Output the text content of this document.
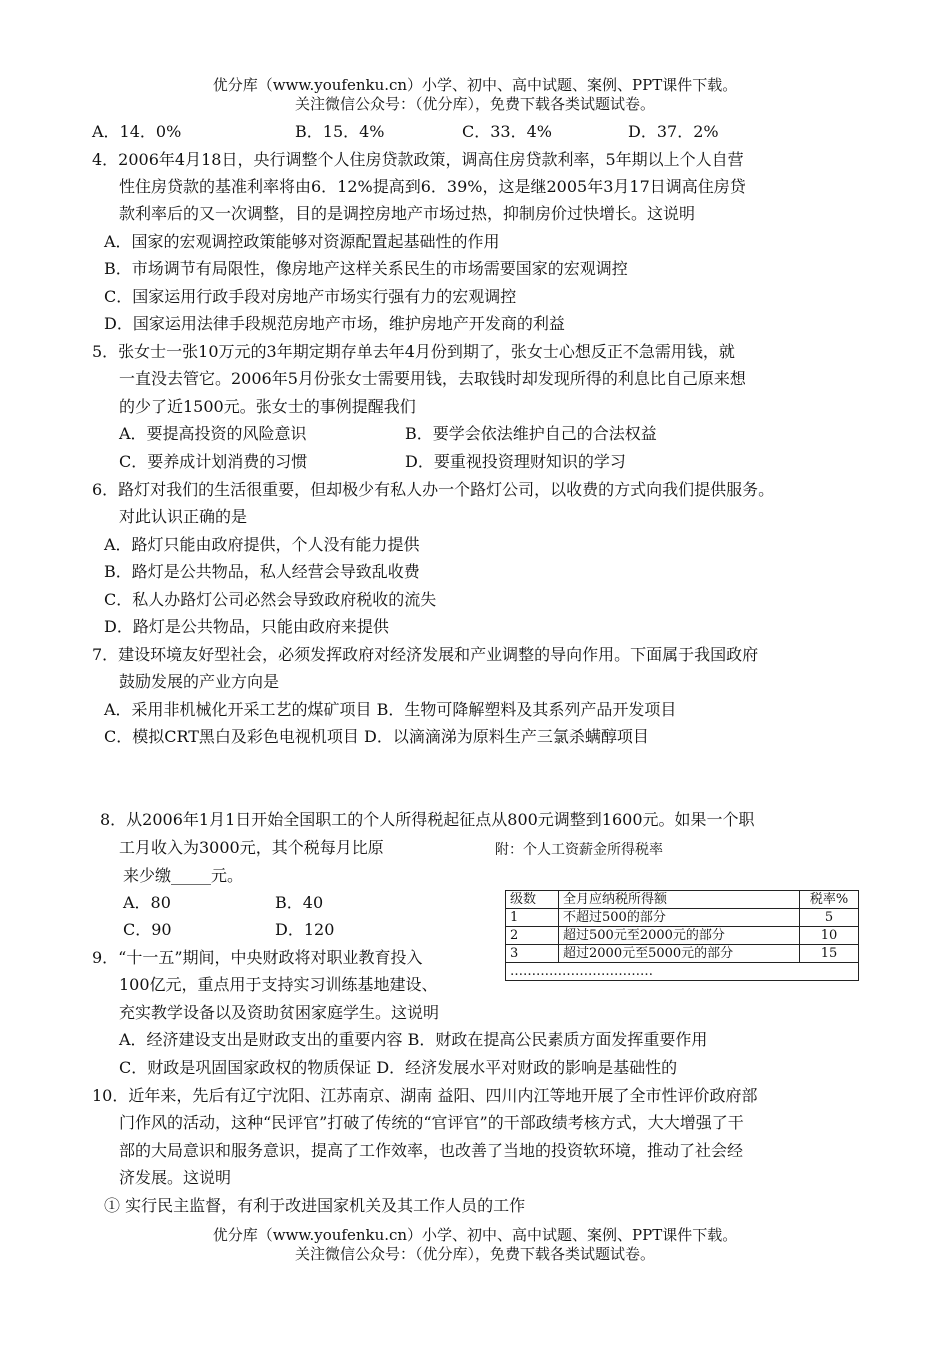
优分库（www.youfenku.cn）小学、初中、高中试题、案例、PPT课件下载。
关注微信公众号：（优分库），免费下载各类试题试卷。
A．14．0%	B．15．4%	C．33．4%	D．37．2%
4．2006年4月18日，央行调整个人住房贷款政策，调高住房贷款利率，5年期以上个人自营
性住房贷款的基准利率将由6．12%提高到6．39%，这是继2005年3月17日调高住房贷
款利率后的又一次调整，目的是调控房地产市场过热，抑制房价过快增长。这说明
A．国家的宏观调控政策能够对资源配置起基础性的作用
B．市场调节有局限性，像房地产这样关系民生的市场需要国家的宏观调控
C．国家运用行政手段对房地产市场实行强有力的宏观调控
D．国家运用法律手段规范房地产市场，维护房地产开发商的利益
5．张女士一张10万元的3年期定期存单去年4月份到期了，张女士心想反正不急需用钱，就
一直没去管它。2006年5月份张女士需要用钱，去取钱时却发现所得的利息比自己原来想
的少了近1500元。张女士的事例提醒我们
A．要提高投资的风险意识	B．要学会依法维护自己的合法权益
C．要养成计划消费的习惯	D．要重视投资理财知识的学习
6．路灯对我们的生活很重要，但却极少有私人办一个路灯公司，以收费的方式向我们提供服务。
对此认识正确的是
A．路灯只能由政府提供，个人没有能力提供
B．路灯是公共物品，私人经营会导致乱收费
C．私人办路灯公司必然会导致政府税收的流失
D．路灯是公共物品，只能由政府来提供
7．建设环境友好型社会，必须发挥政府对经济发展和产业调整的导向作用。下面属于我国政府
鼓励发展的产业方向是
A．采用非机械化开采工艺的煤矿项目 B．生物可降解塑料及其系列产品开发项目
C．模拟CRT黑白及彩色电视机项目 D．以滴滴涕为原料生产三氯杀螨醇项目
8．从2006年1月1日开始全国职工的个人所得税起征点从800元调整到1600元。如果一个职
工月收入为3000元，其个税每月比原	附：个人工资薪金所得税率
来少缴_____元。
A．80	B．40
C．90	D．120
级数	全月应纳税所得额	税率%
1	不超过500的部分	5
2	超过500元至2000元的部分	10
3	超过2000元至5000元的部分	15
……………………………		
9．“十一五”期间，中央财政将对职业教育投入
100亿元，重点用于支持实习训练基地建设、
充实教学设备以及资助贫困家庭学生。这说明
A．经济建设支出是财政支出的重要内容 B．财政在提高公民素质方面发挥重要作用
C．财政是巩固国家政权的物质保证 D．经济发展水平对财政的影响是基础性的
10．近年来，先后有辽宁沈阳、江苏南京、湖南 益阳、四川内江等地开展了全市性评价政府部
门作风的活动，这种“民评官”打破了传统的“官评官”的干部政绩考核方式，大大增强了干
部的大局意识和服务意识，提高了工作效率，也改善了当地的投资软环境，推动了社会经
济发展。这说明
① 实行民主监督，有利于改进国家机关及其工作人员的工作
优分库（www.youfenku.cn）小学、初中、高中试题、案例、PPT课件下载。
关注微信公众号：（优分库），免费下载各类试题试卷。
